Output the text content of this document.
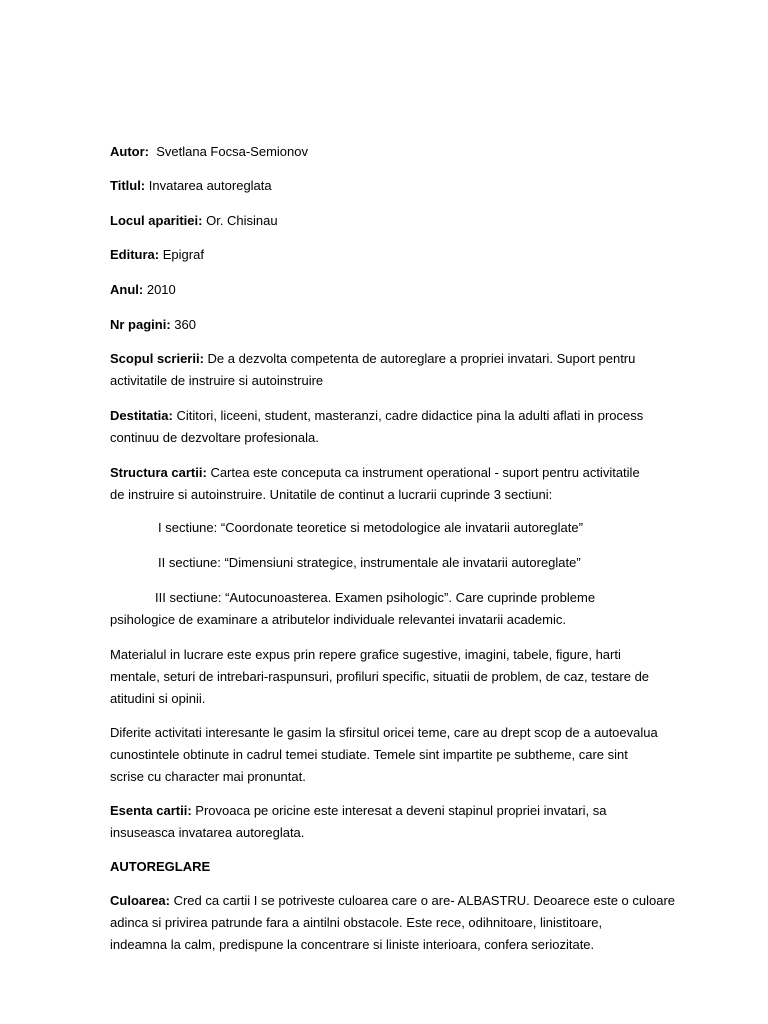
Autor: Svetlana Focsa-Semionov
Titlul: Invatarea autoreglata
Locul aparitiei: Or. Chisinau
Editura: Epigraf
Anul: 2010
Nr pagini: 360
Scopul scrierii: De a dezvolta competenta de autoreglare a propriei invatari. Suport pentru
activitatile de instruire si autoinstruire
Destitatia: Cititori, liceeni, student, masteranzi, cadre didactice pina la adulti aflati in process
continuu de dezvoltare profesionala.
Structura cartii: Cartea este conceputa ca instrument operational - suport pentru activitatile
de instruire si autoinstruire. Unitatile de continut a lucrarii cuprinde 3 sectiuni:
I sectiune: “Coordonate teoretice si metodologice ale invatarii autoreglate”
II sectiune: “Dimensiuni strategice, instrumentale ale invatarii autoreglate”
III sectiune: “Autocunoasterea. Examen psihologic”. Care cuprinde probleme
psihologice de examinare a atributelor individuale relevantei invatarii academic.
Materialul in lucrare este expus prin repere grafice sugestive, imagini, tabele, figure, harti
mentale, seturi de intrebari-raspunsuri, profiluri specific, situatii de problem, de caz, testare de
atitudini si opinii.
Diferite activitati interesante le gasim la sfirsitul oricei teme, care au drept scop de a autoevalua
cunostintele obtinute in cadrul temei studiate. Temele sint impartite pe subtheme, care sint
scrise cu character mai pronuntat.
Esenta cartii: Provoaca pe oricine este interesat a deveni stapinul propriei invatari, sa
insuseasca invatarea autoreglata.
AUTOREGLARE
Culoarea: Cred ca cartii I se potriveste culoarea care o are- ALBASTRU. Deoarece este o culoare
adinca si privirea patrunde fara a aintilni obstacole. Este rece, odihnitoare, linistitoare,
indeamna la calm, predispune la concentrare si liniste interioara, confera seriozitate.
